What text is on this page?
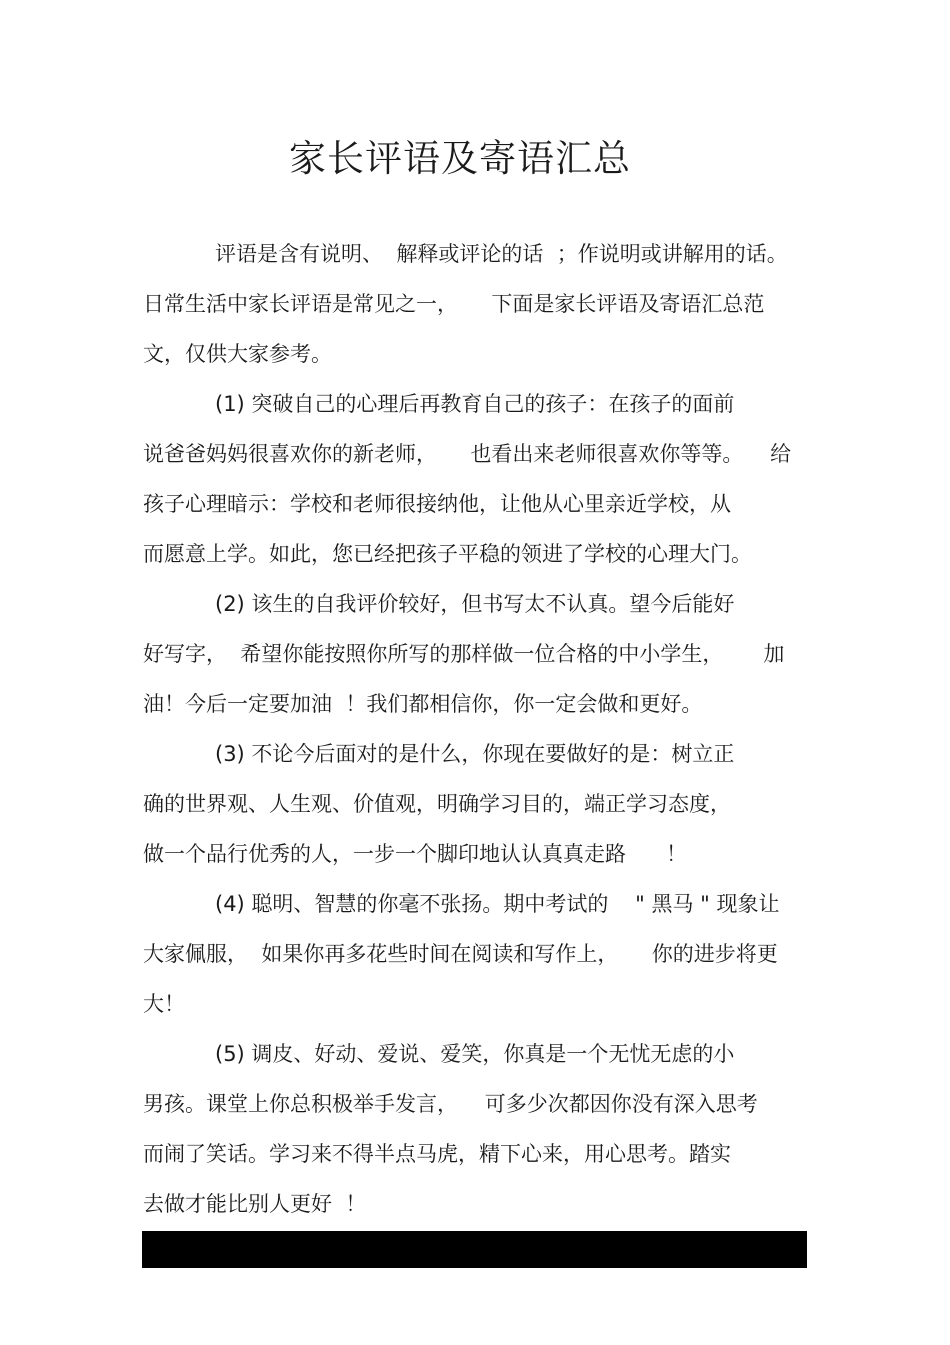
家长评语及寄语汇总
评语是含有说明、  解释或评论的话  ；作说明或讲解用的话。
日常生活中家长评语是常见之一，     下面是家长评语及寄语汇总范
文，仅供大家参考。
(1) 突破自己的心理后再教育自己的孩子：在孩子的面前
说爸爸妈妈很喜欢你的新老师，     也看出来老师很喜欢你等等。    给
孩子心理暗示：学校和老师很接纳他，让他从心里亲近学校，从
而愿意上学。如此，您已经把孩子平稳的领进了学校的心理大门。
(2) 该生的自我评价较好，但书写太不认真。望今后能好
好写字，  希望你能按照你所写的那样做一位合格的中小学生，      加
油！今后一定要加油  ！我们都相信你，你一定会做和更好。
(3) 不论今后面对的是什么，你现在要做好的是：树立正
确的世界观、人生观、价值观，明确学习目的，端正学习态度，
做一个品行优秀的人，一步一个脚印地认认真真走路      ！
(4) 聪明、智慧的你毫不张扬。期中考试的    " 黑马 " 现象让
大家佩服，  如果你再多花些时间在阅读和写作上，     你的进步将更
大！
(5) 调皮、好动、爱说、爱笑，你真是一个无忧无虑的小
男孩。课堂上你总积极举手发言，    可多少次都因你没有深入思考
而闹了笑话。学习来不得半点马虎，精下心来，用心思考。踏实
去做才能比别人更好  ！
